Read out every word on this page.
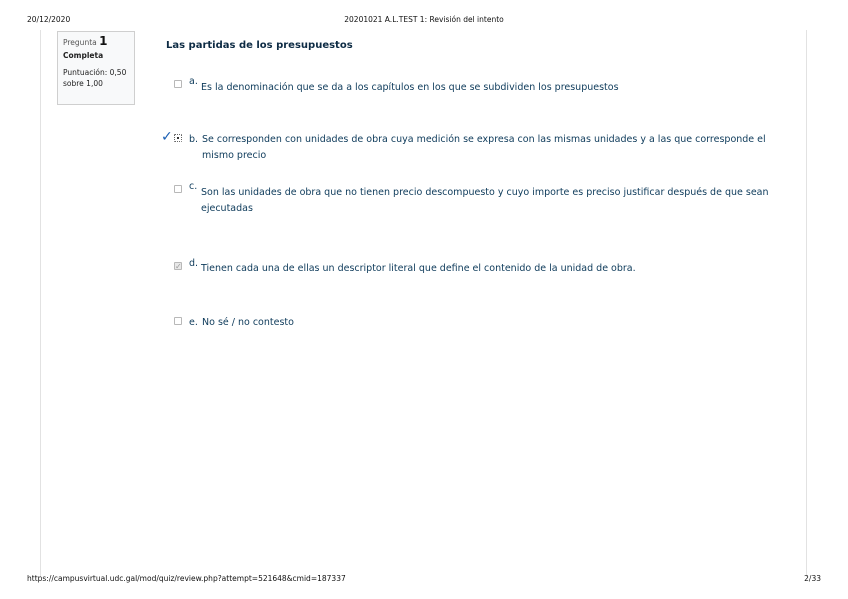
20/12/2020	20201021 A.L.TEST 1: Revisión del intento
Pregunta 1
Completa
Puntuación: 0,50
sobre 1,00
Las partidas de los presupuestos
✓
a.
Es la denominación que se da a los capítulos en los que se subdividen los presupuestos
b. Se corresponden con unidades de obra cuya medición se expresa con las mismas unidades y a las que corresponde el mismo precio
c.
Son las unidades de obra que no tienen precio descompuesto y cuyo importe es preciso justificar después de que sean ejecutadas
✓
d. Tienen cada una de ellas un descriptor literal que define el contenido de la unidad de obra.
e. No sé / no contesto
https://campusvirtual.udc.gal/mod/quiz/review.php?attempt=521648&cmid=187337	2/33
